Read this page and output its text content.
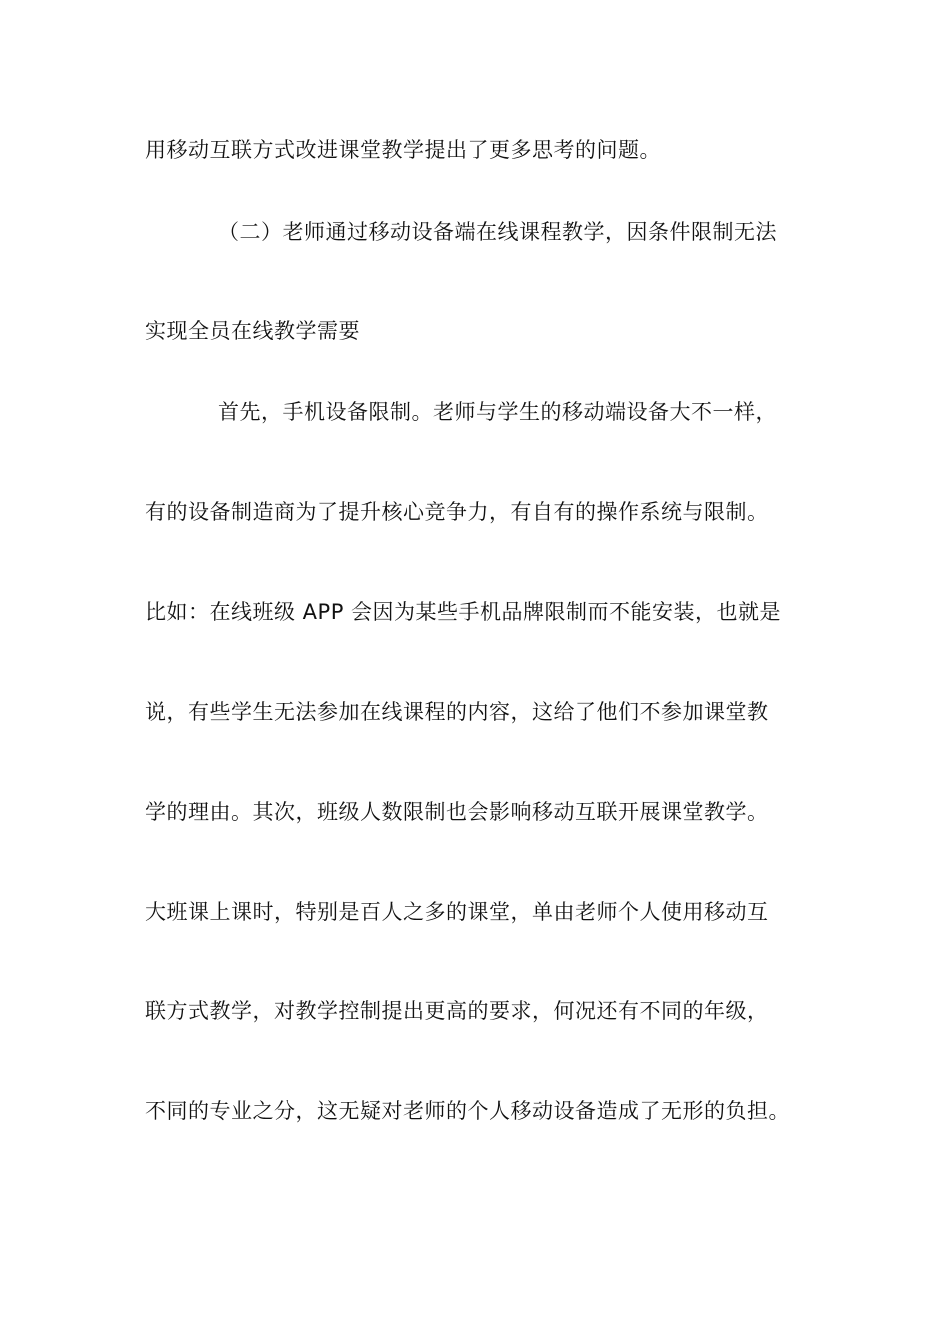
用移动互联方式改进课堂教学提出了更多思考的问题。
（二）老师通过移动设备端在线课程教学，因条件限制无法
实现全员在线教学需要
首先，手机设备限制。老师与学生的移动端设备大不一样，
有的设备制造商为了提升核心竞争力，有自有的操作系统与限制。
比如：在线班级 APP 会因为某些手机品牌限制而不能安装，也就是
说，有些学生无法参加在线课程的内容，这给了他们不参加课堂教
学的理由。其次，班级人数限制也会影响移动互联开展课堂教学。
大班课上课时，特别是百人之多的课堂，单由老师个人使用移动互
联方式教学，对教学控制提出更高的要求，何况还有不同的年级，
不同的专业之分，这无疑对老师的个人移动设备造成了无形的负担。
